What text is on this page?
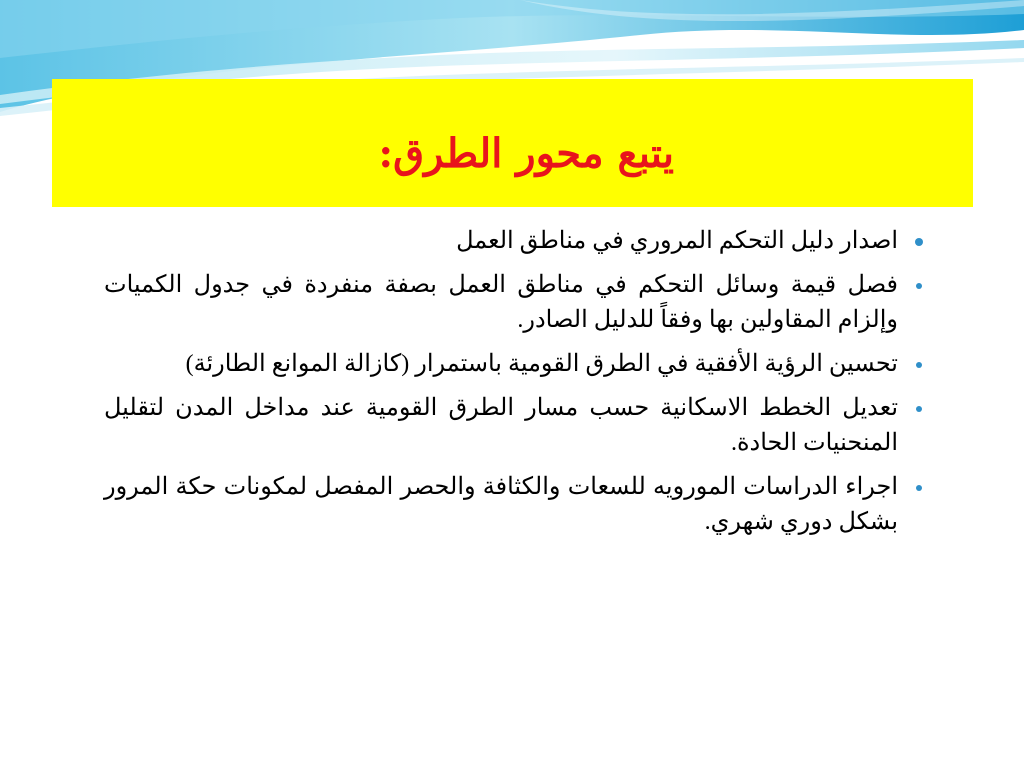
يتبع محور الطرق:
اصدار دليل التحكم المروري في مناطق العمل
فصل قيمة وسائل التحكم في مناطق العمل بصفة منفردة في جدول الكميات وإلزام المقاولين بها وفقاً للدليل الصادر.
تحسين الرؤية الأفقية في الطرق القومية باستمرار (كازالة الموانع الطارئة)
تعديل الخطط الاسكانية حسب مسار الطرق القومية عند مداخل المدن لتقليل المنحنيات الحادة.
اجراء الدراسات المورويه للسعات والكثافة والحصر المفصل لمكونات حكة المرور بشكل دوري شهري.
